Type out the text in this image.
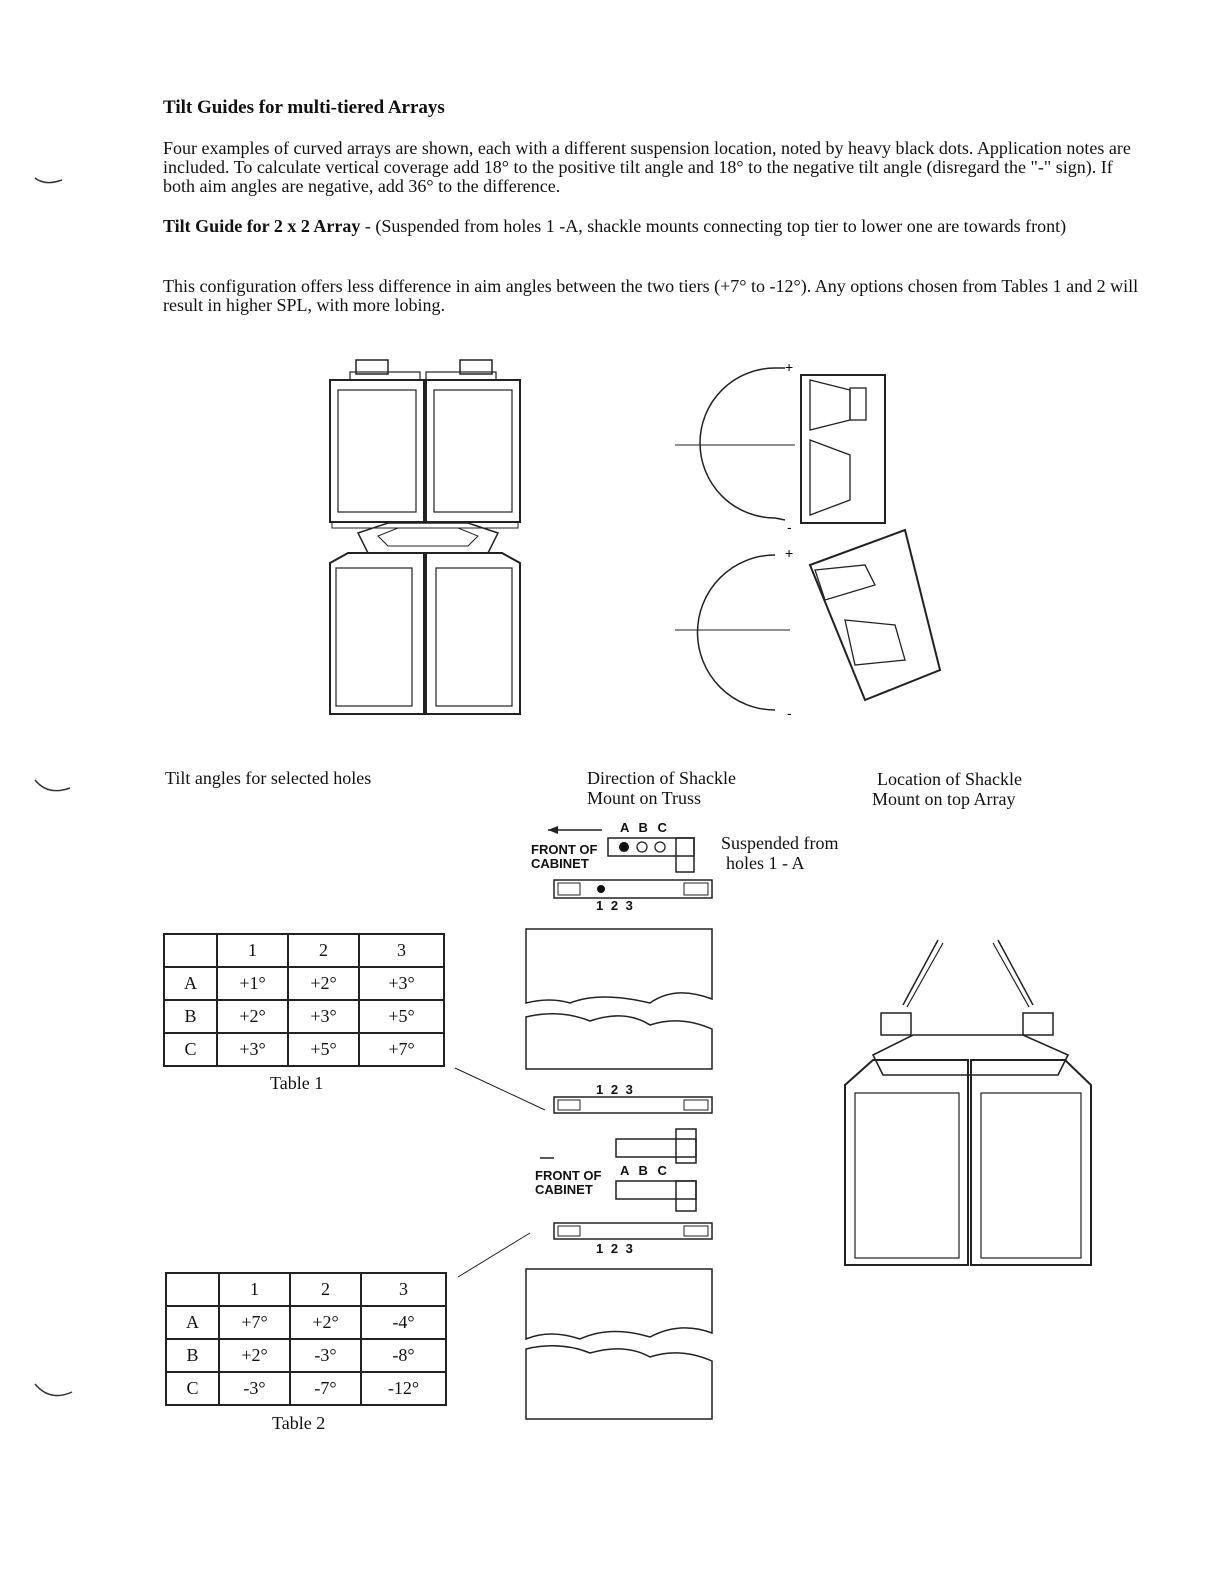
Tilt Guides for multi-tiered Arrays
Four examples of curved arrays are shown, each with a different suspension location, noted by heavy black dots. Application notes are included. To calculate vertical coverage add 18° to the positive tilt angle and 18° to the negative tilt angle (disregard the "-" sign). If both aim angles are negative, add 36° to the difference.
Tilt Guide for 2 x 2 Array - (Suspended from holes 1 -A, shackle mounts connecting top tier to lower one are towards front)
This configuration offers less difference in aim angles between the two tiers (+7° to -12°). Any options chosen from Tables 1 and 2 will result in higher SPL, with more lobing.
+
-
+
-
Tilt angles for selected holes	Direction of Shackle
Mount on Truss
Location of Shackle
Mount on top Array
Suspended from
holes 1 - A
A B C
FRONT OF
CABINET
1 2 3
	1	2	3
A	+1°	+2°	+3°
B	+2°	+3°	+5°
C	+3°	+5°	+7°
Table 1
	1	2	3
A	+7°	+2°	-4°
B	+2°	-3°	-8°
C	-3°	-7°	-12°
Table 2
1 2 3
A B C
FRONT OF
CABINET
1 2 3
